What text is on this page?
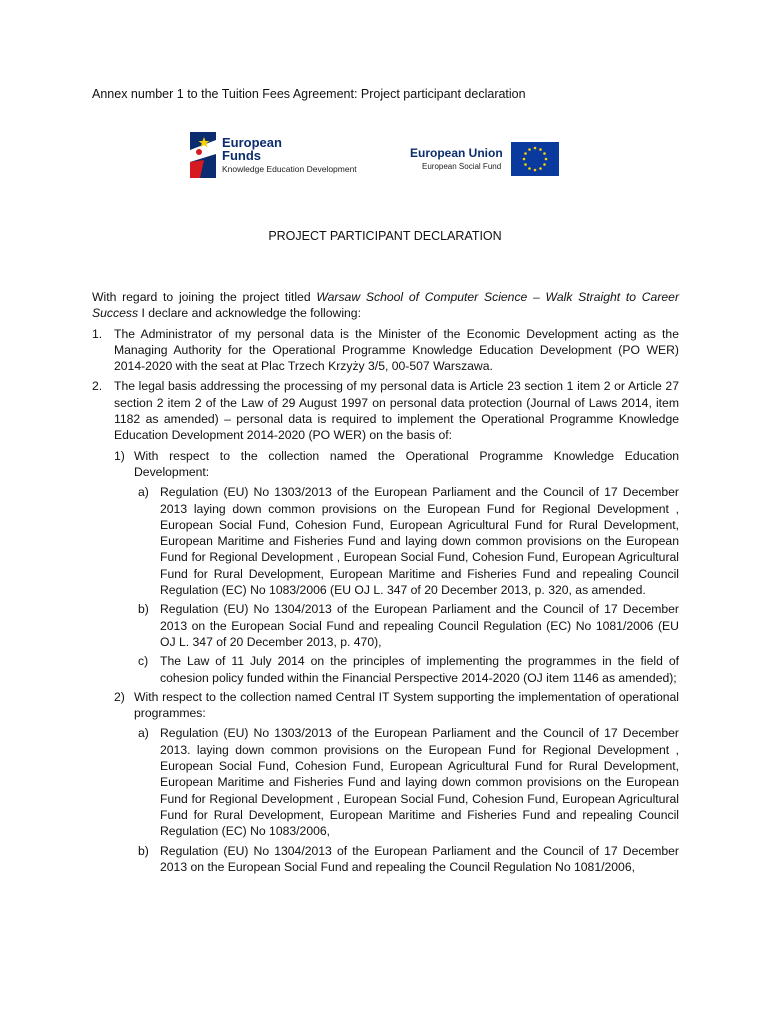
Annex number 1 to the Tuition Fees Agreement: Project participant declaration
European
Funds
Knowledge Education Development
European Union
European Social Fund
PROJECT PARTICIPANT DECLARATION

With regard to joining the project titled Warsaw School of Computer Science – Walk Straight to Career Success I declare and acknowledge the following:

1. The Administrator of my personal data is the Minister of the Economic Development acting as the Managing Authority for the Operational Programme Knowledge Education Development (PO WER) 2014-2020 with the seat at Plac Trzech Krzyży 3/5, 00-507 Warszawa.
2. The legal basis addressing the processing of my personal data is Article 23 section 1 item 2 or Article 27 section 2 item 2 of the Law of 29 August 1997 on personal data protection (Journal of Laws 2014, item 1182 as amended) – personal data is required to implement the Operational Programme Knowledge Education Development 2014-2020 (PO WER) on the basis of:
1) With respect to the collection named the Operational Programme Knowledge Education Development:
a) Regulation (EU) No 1303/2013 of the European Parliament and the Council of 17 December 2013 laying down common provisions on the European Fund for Regional Development , European Social Fund, Cohesion Fund, European Agricultural Fund for Rural Development, European Maritime and Fisheries Fund and laying down common provisions on the European Fund for Regional Development , European Social Fund, Cohesion Fund, European Agricultural Fund for Rural Development, European Maritime and Fisheries Fund and repealing Council Regulation (EC) No 1083/2006 (EU OJ L. 347 of 20 December 2013, p. 320, as amended.
b) Regulation (EU) No 1304/2013 of the European Parliament and the Council of 17 December 2013 on the European Social Fund and repealing Council Regulation (EC) No 1081/2006 (EU OJ L. 347 of 20 December 2013, p. 470),
c) The Law of 11 July 2014 on the principles of implementing the programmes in the field of cohesion policy funded within the Financial Perspective 2014-2020 (OJ item 1146 as amended);
2) With respect to the collection named Central IT System supporting the implementation of operational programmes:
a) Regulation (EU) No 1303/2013 of the European Parliament and the Council of 17 December 2013. laying down common provisions on the European Fund for Regional Development , European Social Fund, Cohesion Fund, European Agricultural Fund for Rural Development, European Maritime and Fisheries Fund and laying down common provisions on the European Fund for Regional Development , European Social Fund, Cohesion Fund, European Agricultural Fund for Rural Development, European Maritime and Fisheries Fund and repealing Council Regulation (EC) No 1083/2006,
b) Regulation (EU) No 1304/2013 of the European Parliament and the Council of 17 December 2013 on the European Social Fund and repealing the Council Regulation No 1081/2006,
